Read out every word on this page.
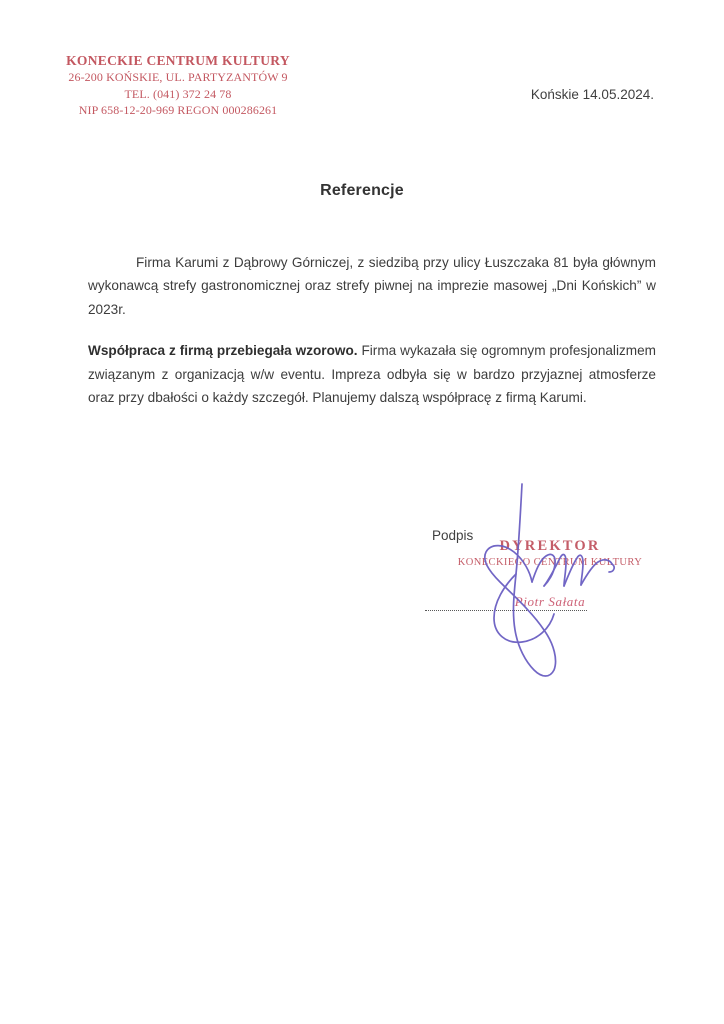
KONECKIE CENTRUM KULTURY
26-200 KOŃSKIE, UL. PARTYZANTÓW 9
TEL. (041) 372 24 78
NIP 658-12-20-969 REGON 000286261
Końskie 14.05.2024.
Referencje

Firma Karumi z Dąbrowy Górniczej, z siedzibą przy ulicy Łuszczaka 81 była głównym wykonawcą strefy gastronomicznej oraz strefy piwnej na imprezie masowej „Dni Końskich” w 2023r.

Współpraca z firmą przebiegała wzorowo. Firma wykazała się ogromnym profesjonalizmem związanym z organizacją w/w eventu. Impreza odbyła się w bardzo przyjaznej atmosferze oraz przy dbałości o każdy szczegół. Planujemy dalszą współpracę z firmą Karumi.

Podpis
DYREKTOR
KONECKIEGO CENTRUM KULTURY
Piotr Sałata
